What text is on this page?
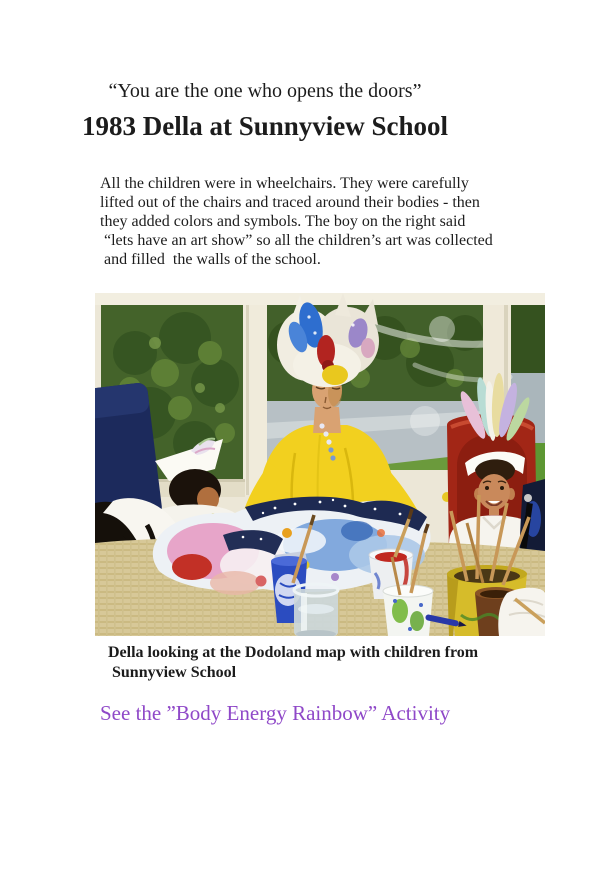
“You are the one who opens the doors”
1983 Della at Sunnyview School
All the children were in wheelchairs. They were carefully
lifted out of the chairs and traced around their bodies - then
they added colors and symbols. The boy on the right said
“lets have an art show” so all the children’s art was collected
and filled  the walls of the school.
Della looking at the Dodoland map with children from
Sunnyview School
See the ”Body Energy Rainbow” Activity
